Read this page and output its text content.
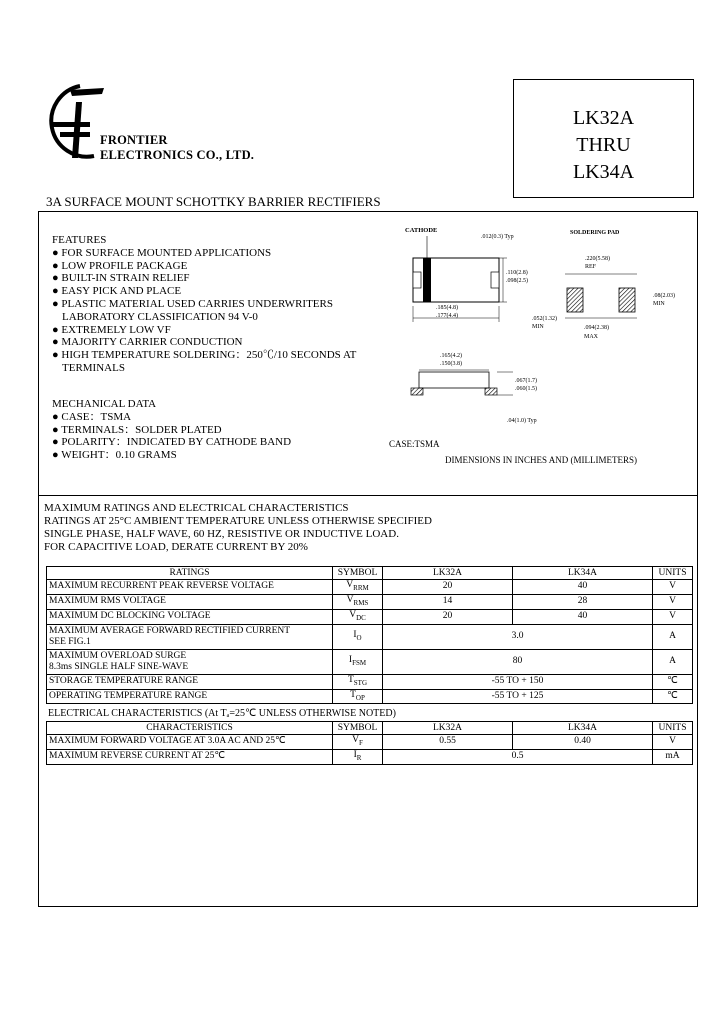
FRONTIER
ELECTRONICS CO., LTD.
LK32A
THRU
LK34A
3A SURFACE MOUNT SCHOTTKY BARRIER RECTIFIERS
FEATURES
● FOR SURFACE MOUNTED APPLICATIONS
● LOW PROFILE PACKAGE
● BUILT-IN STRAIN RELIEF
● EASY PICK AND PLACE
● PLASTIC MATERIAL USED CARRIES UNDERWRITERS
LABORATORY CLASSIFICATION 94 V-0
● EXTREMELY LOW VF
● MAJORITY CARRIER CONDUCTION
● HIGH TEMPERATURE SOLDERING：250℃/10 SECONDS AT
TERMINALS
MECHANICAL DATA
● CASE：TSMA
● TERMINALS：SOLDER PLATED
● POLARITY：INDICATED BY CATHODE BAND
● WEIGHT：0.10 GRAMS
CATHODE
.012(0.3) Typ
.110(2.8)
.098(2.5)
.185(4.8)
.177(4.4)
SOLDERING PAD
.220(5.58)
REF
.08(2.03)
MIN
.052(1.32)
MIN	.094(2.38)
MAX
.165(4.2)
.150(3.8)
.067(1.7)
.060(1.5)
.04(1.0) Typ
CASE:TSMA
DIMENSIONS IN INCHES AND (MILLIMETERS)
MAXIMUM RATINGS AND ELECTRICAL CHARACTERISTICS
RATINGS AT 25°C AMBIENT TEMPERATURE UNLESS OTHERWISE SPECIFIED
SINGLE PHASE, HALF WAVE, 60 HZ, RESISTIVE OR INDUCTIVE LOAD.
FOR CAPACITIVE LOAD, DERATE CURRENT BY 20%
RATINGS	SYMBOL	LK32A	LK34A	UNITS
MAXIMUM RECURRENT PEAK REVERSE VOLTAGE	$V_{RRM}$	20	40	V
MAXIMUM RMS VOLTAGE	$V_{RMS}$	14	28	V
MAXIMUM DC BLOCKING VOLTAGE	$V_{DC}$	20	40	V

MAXIMUM AVERAGE FORWARD RECTIFIED CURRENT
SEE FIG.1	$I_O$	3.0		A

MAXIMUM OVERLOAD SURGE
8.3ms SINGLE HALF SINE-WAVE	$I_{FSM}$	80		A
STORAGE TEMPERATURE RANGE	$T_{STG}$	-55 TO + 150		℃
OPERATING TEMPERATURE RANGE	$T_{OP}$	-55 TO + 125		℃
ELECTRICAL CHARACTERISTICS (At Tₐ=25℃ UNLESS OTHERWISE NOTED)
CHARACTERISTICS	SYMBOL	LK32A	LK34A	UNITS
MAXIMUM FORWARD VOLTAGE AT 3.0A AC AND 25℃	$V_F$	0.55	0.40	V
MAXIMUM REVERSE CURRENT AT 25℃	$I_R$	0.5		mA
